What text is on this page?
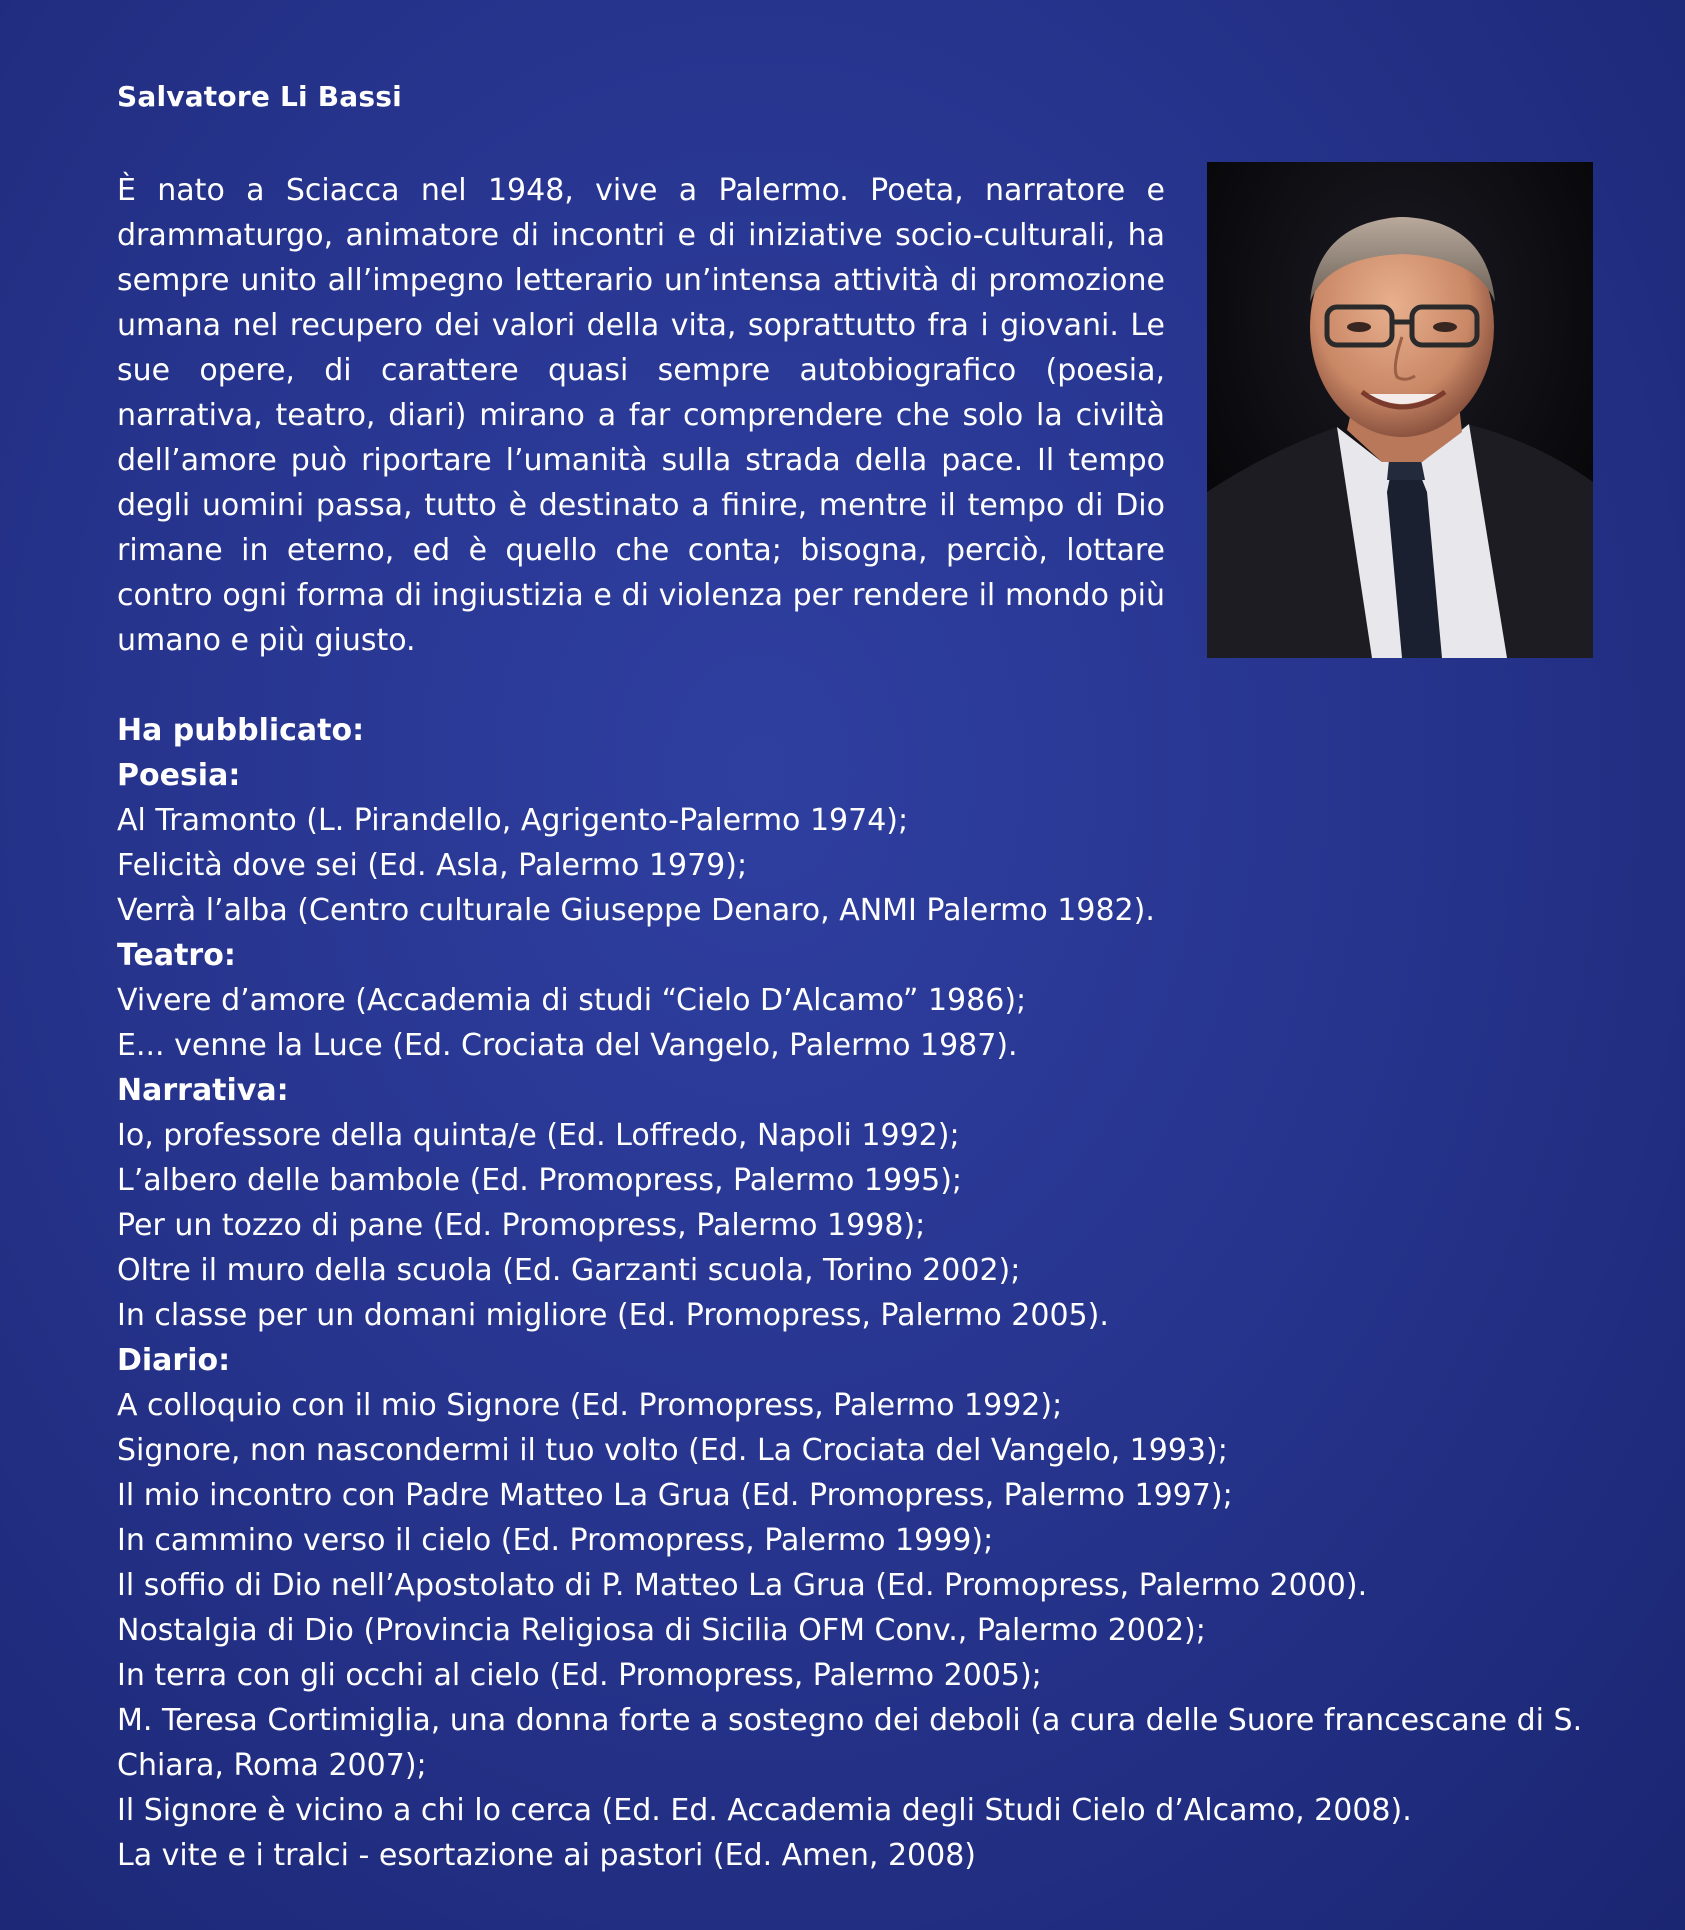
Salvatore Li Bassi
È nato a Sciacca nel 1948, vive a Palermo. Poeta, narratore e drammaturgo, animatore di incontri e di iniziative socio-culturali, ha sempre unito all’impegno letterario un’intensa attività di promozione umana nel recupero dei valori della vita, soprattutto fra i giovani. Le sue opere, di carattere quasi sempre autobiografico (poesia, narrativa, teatro, diari) mirano a far comprendere che solo la civiltà dell’amore può riportare l’umanità sulla strada della pace. Il tempo degli uomini passa, tutto è destinato a finire, mentre il tempo di Dio rimane in eterno, ed è quello che conta; bisogna, perciò, lottare contro ogni forma di ingiustizia e di violenza per rendere il mondo più umano e più giusto.
Ha pubblicato:
Poesia:
Al Tramonto (L. Pirandello, Agrigento-Palermo 1974);
Felicità dove sei (Ed. Asla, Palermo 1979);
Verrà l’alba (Centro culturale Giuseppe Denaro, ANMI Palermo 1982).
Teatro:
Vivere d’amore (Accademia di studi “Cielo D’Alcamo” 1986);
E... venne la Luce (Ed. Crociata del Vangelo, Palermo 1987).
Narrativa:
Io, professore della quinta/e (Ed. Loffredo, Napoli 1992);
L’albero delle bambole (Ed. Promopress, Palermo 1995);
Per un tozzo di pane (Ed. Promopress, Palermo 1998);
Oltre il muro della scuola (Ed. Garzanti scuola, Torino 2002);
In classe per un domani migliore (Ed. Promopress, Palermo 2005).
Diario:
A colloquio con il mio Signore (Ed. Promopress, Palermo 1992);
Signore, non nascondermi il tuo volto (Ed. La Crociata del Vangelo, 1993);
Il mio incontro con Padre Matteo La Grua (Ed. Promopress, Palermo 1997);
In cammino verso il cielo (Ed. Promopress, Palermo 1999);
Il soffio di Dio nell’Apostolato di P. Matteo La Grua (Ed. Promopress, Palermo 2000).
Nostalgia di Dio (Provincia Religiosa di Sicilia OFM Conv., Palermo 2002);
In terra con gli occhi al cielo (Ed. Promopress, Palermo 2005);
M. Teresa Cortimiglia, una donna forte a sostegno dei deboli (a cura delle Suore francescane di S. Chiara, Roma 2007);
Il Signore è vicino a chi lo cerca (Ed. Ed. Accademia degli Studi Cielo d’Alcamo, 2008).
La vite e i tralci - esortazione ai pastori (Ed. Amen, 2008)
